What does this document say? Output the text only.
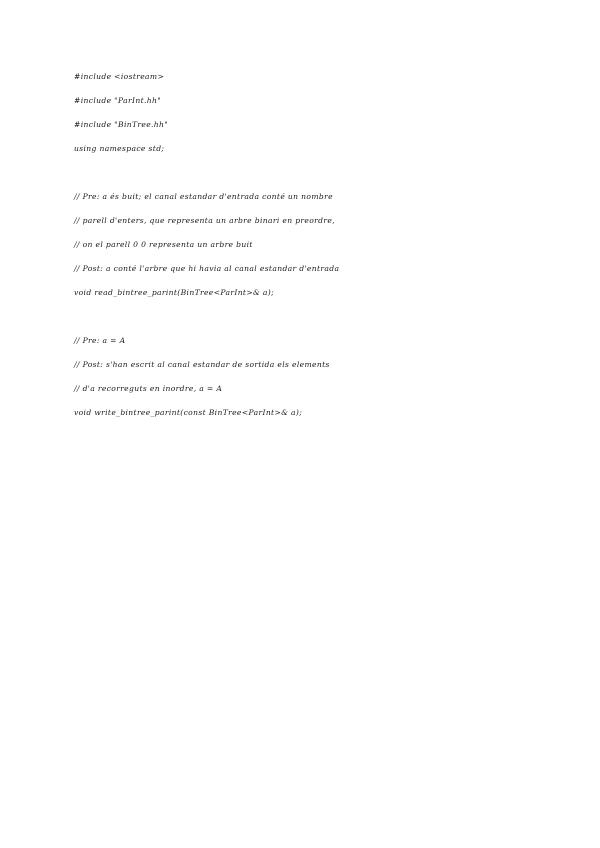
#include <iostream>
#include "ParInt.hh"
#include "BinTree.hh"
using namespace std;
// Pre: a és buit; el canal estandar d'entrada conté un nombre
// parell d'enters, que representa un arbre binari en preordre,
// on el parell 0 0 representa un arbre buit
// Post: a conté l'arbre que hi havia al canal estandar d'entrada
void read_bintree_parint(BinTree<ParInt>& a);
// Pre: a = A
// Post: s'han escrit al canal estandar de sortida els elements
// d'a recorreguts en inordre, a = A
void write_bintree_parint(const BinTree<ParInt>& a);
